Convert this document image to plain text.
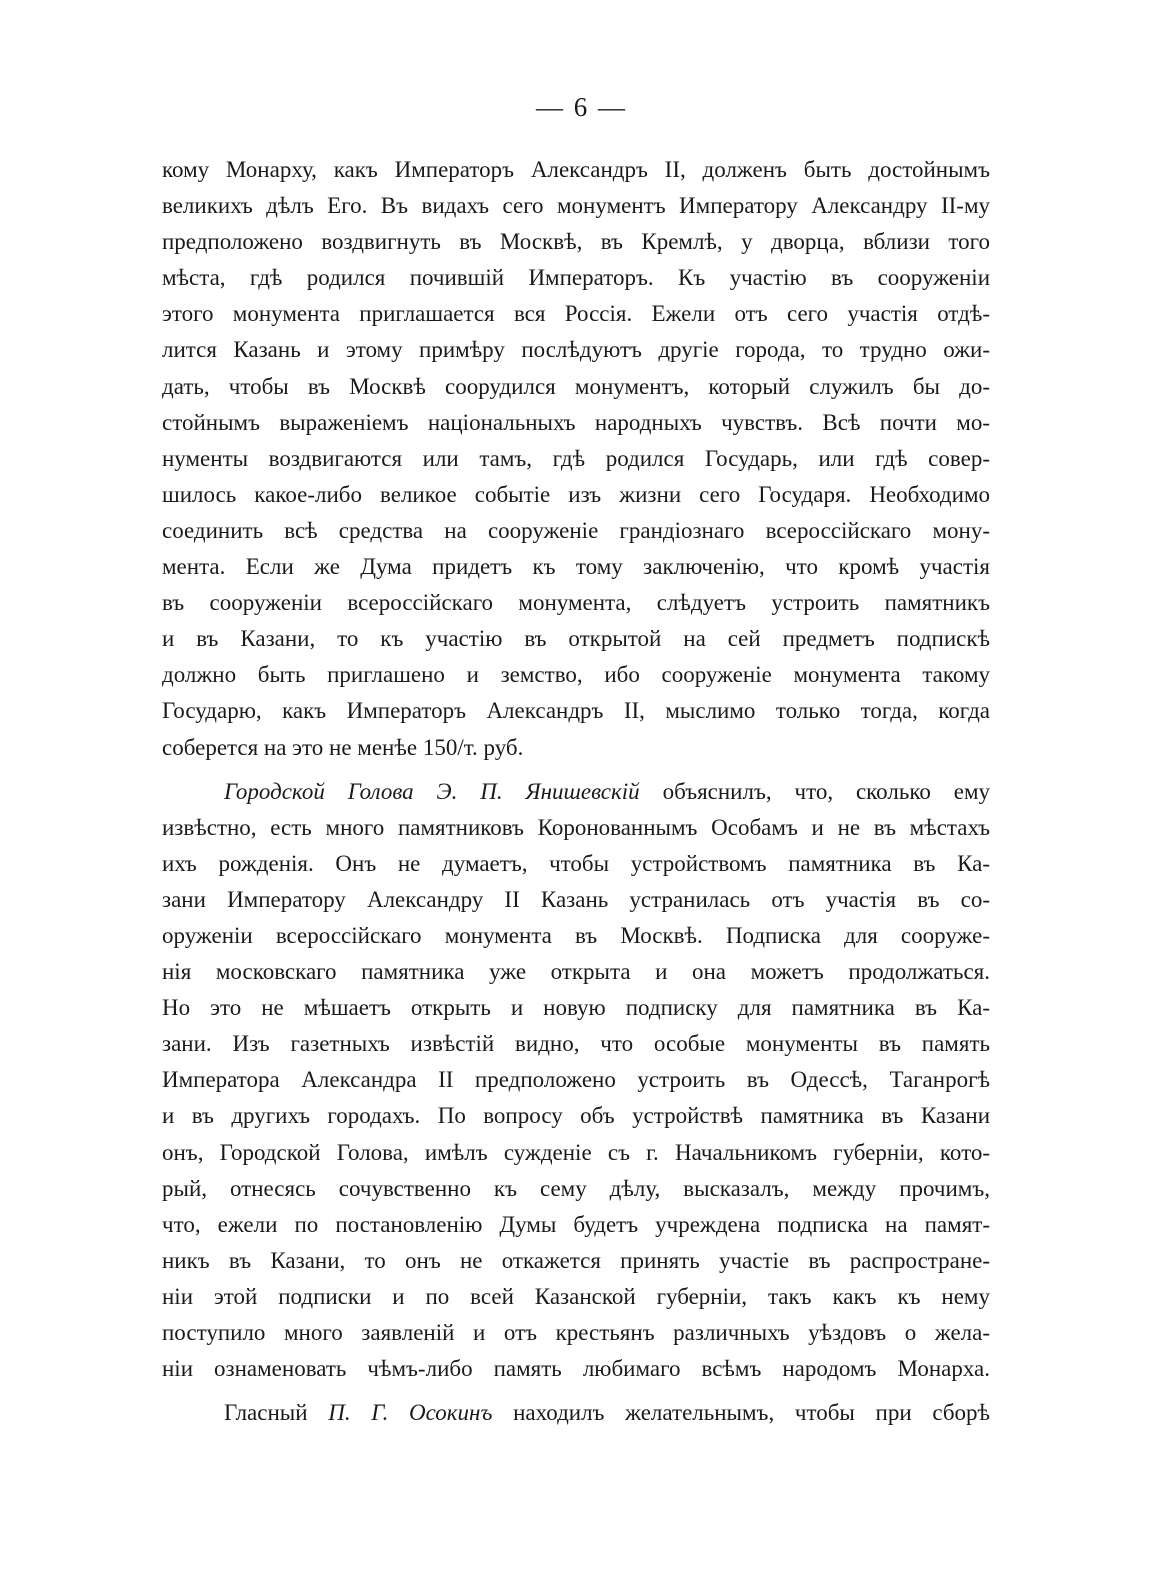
— 6 —
кому Монарху, какъ Императоръ Александръ II, долженъ быть достойнымъ
великихъ дѣлъ Его. Въ видахъ сего монументъ Императору Александру II-му
предположено воздвигнуть въ Москвѣ, въ Кремлѣ, у дворца, вблизи того
мѣста, гдѣ родился почившій Императоръ. Къ участію въ сооруженіи
этого монумента приглашается вся Россія. Ежели отъ сего участія отдѣ-
лится Казань и этому примѣру послѣдуютъ другіе города, то трудно ожи-
дать, чтобы въ Москвѣ соорудился монументъ, который служилъ бы до-
стойнымъ выраженіемъ національныхъ народныхъ чувствъ. Всѣ почти мо-
нументы воздвигаются или тамъ, гдѣ родился Государь, или гдѣ совер-
шилось какое-либо великое событіе изъ жизни сего Государя. Необходимо
соединить всѣ средства на сооруженіе грандіознаго всероссійскаго мону-
мента. Если же Дума придетъ къ тому заключенію, что кромѣ участія
въ сооруженіи всероссійскаго монумента, слѣдуетъ устроить памятникъ
и въ Казани, то къ участію въ открытой на сей предметъ подпискѣ
должно быть приглашено и земство, ибо сооруженіе монумента такому
Государю, какъ Императоръ Александръ II, мыслимо только тогда, когда
соберется на это не менѣе 150/т. руб.
Городской Голова Э. П. Янишевскій объяснилъ, что, сколько ему
извѣстно, есть много памятниковъ Коронованнымъ Особамъ и не въ мѣстахъ
ихъ рожденія. Онъ не думаетъ, чтобы устройствомъ памятника въ Ка-
зани Императору Александру II Казань устранилась отъ участія въ со-
оруженіи всероссійскаго монумента въ Москвѣ. Подписка для сооруже-
нія московскаго памятника уже открыта и она можетъ продолжаться.
Но это не мѣшаетъ открыть и новую подписку для памятника въ Ка-
зани. Изъ газетныхъ извѣстій видно, что особые монументы въ память
Императора Александра II предположено устроить въ Одессѣ, Таганрогѣ
и въ другихъ городахъ. По вопросу объ устройствѣ памятника въ Казани
онъ, Городской Голова, имѣлъ сужденіе съ г. Начальникомъ губерніи, кото-
рый, отнесясь сочувственно къ сему дѣлу, высказалъ, между прочимъ,
что, ежели по постановленію Думы будетъ учреждена подписка на памят-
никъ въ Казани, то онъ не откажется принять участіе въ распростране-
ніи этой подписки и по всей Казанской губерніи, такъ какъ къ нему
поступило много заявленій и отъ крестьянъ различныхъ уѣздовъ о жела-
ніи ознаменовать чѣмъ-либо память любимаго всѣмъ народомъ Монарха.
Гласный П. Г. Осокинъ находилъ желательнымъ, чтобы при сборѣ
